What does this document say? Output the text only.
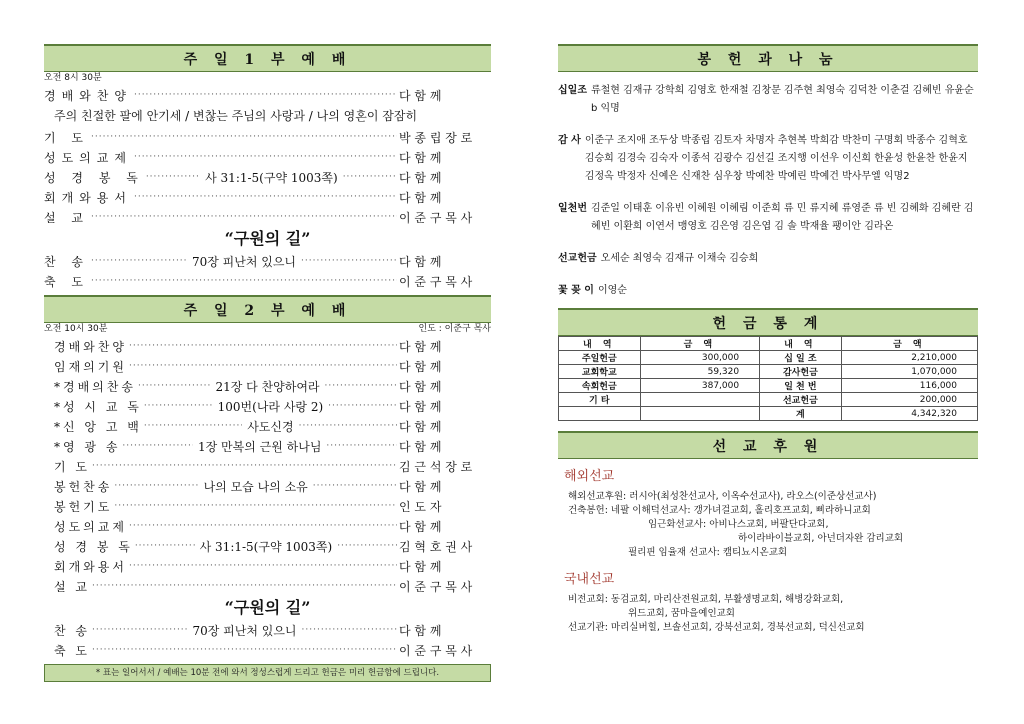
주 일 1 부 예 배
오전 8시 30분
경배와찬양 ·····	다 함 께
주의 친절한 팔에 안기세 / 변찮는 주님의 사랑과 / 나의 영혼이 잠잠히
기 도 ·····	박 종 립 장 로
성도의교제 ·····	다 함 께
성 경 봉 독 ·····	사 31:1-5(구약 1003쪽) ·····	다 함 께
회개와용서 ·····	다 함 께
설 교 ·····	이 준 구 목 사
“구원의 길”
찬 송 ·····	70장 피난처 있으니 ·····	다 함 께
축 도 ·····	이 준 구 목 사
주 일 2 부 예 배
오전 10시 30분	인도 : 이준구 목사
경배와찬양 ·····	다 함 께
임재의기원 ·····	다 함 께
*경배의찬송 ·····	21장 다 찬양하여라 ·····	다 함 께
*성 시 교 독 ·····	100번(나라 사랑 2) ·····	다 함 께
*신 앙 고 백 ·····	사도신경 ·····	다 함 께
*영 광 송 ·····	1장 만복의 근원 하나님 ·····	다 함 께
기 도 ·····	김 근 석 장 로
봉헌찬송 ·····	나의 모습 나의 소유 ·····	다 함 께
봉헌기도 ·····	인 도 자
성도의교제 ·····	다 함 께
성 경 봉 독 ·····	사 31:1-5(구약 1003쪽) ·····	김 혁 호 권 사
회개와용서 ·····	다 함 께
설 교 ·····	이 준 구 목 사
“구원의 길”
찬 송 ·····	70장 피난처 있으니 ·····	다 함 께
축 도 ·····	이 준 구 목 사
* 표는 일어서서 / 예배는 10분 전에 와서 정성스럽게 드리고 헌금은 미리 헌금함에 드립니다.
봉 헌 과 나 눔
십일조 류철현 김재규 강학희 김영호 한재철 김창문 김주현 최영숙 김덕찬 이춘걸 김혜빈 유윤순b 익명
감 사 이준구 조지애 조두상 박종립 김토자 차명자 추현복 박희감 박찬미 구명회 박종수 김혁호 김승희 김경숙 김숙자 이종석 김광수 김선길 조지행 이선우 이신희 한윤성 한윤찬 한윤지 김정옥 박정자 신예은 신재찬 심우창 박예찬 박예린 박예건 박사무엘 익명2
일천번 김준일 이태훈 이유빈 이혜원 이혜림 이준희 류 민 류지혜 류영준 류 빈 김혜화 김혜란 김혜빈 이환희 이연서 맹영호 김은영 김은엽 김 솔 박재율 팽이안 김라온
선교헌금 오세순 최영숙 김재규 이채숙 김승희
꽃 꽂 이 이영순
헌 금 통 계
내 역	금 액	내 역	금 액
주일헌금	300,000	십 일 조	2,210,000
교회학교	59,320	감사헌금	1,070,000
속회헌금	387,000	일 천 번	116,000
기 타		선교헌금	200,000
		계	4,342,320
선 교 후 원
해외선교
해외선교후원: 러시아(최성찬선교사, 이옥수선교사), 라오스(이준상선교사)
건축봉헌: 네팔 이해덕선교사: 갱가녀걸교회, 홀리호프교회, 삐라하니교회
임근화선교사: 아비나스교회, 버팔단다교회,
하이라바이블교회, 아넌더자완 감리교회
필리핀 임율재 선교사: 캠티뇨시온교회
국내선교
비전교회: 동검교회, 마리산전원교회, 부활생명교회, 해병강화교회,
위드교회, 꿈마을예인교회
선교기관: 마리실버힐, 브솔선교회, 강북선교회, 경북선교회, 덕신선교회
